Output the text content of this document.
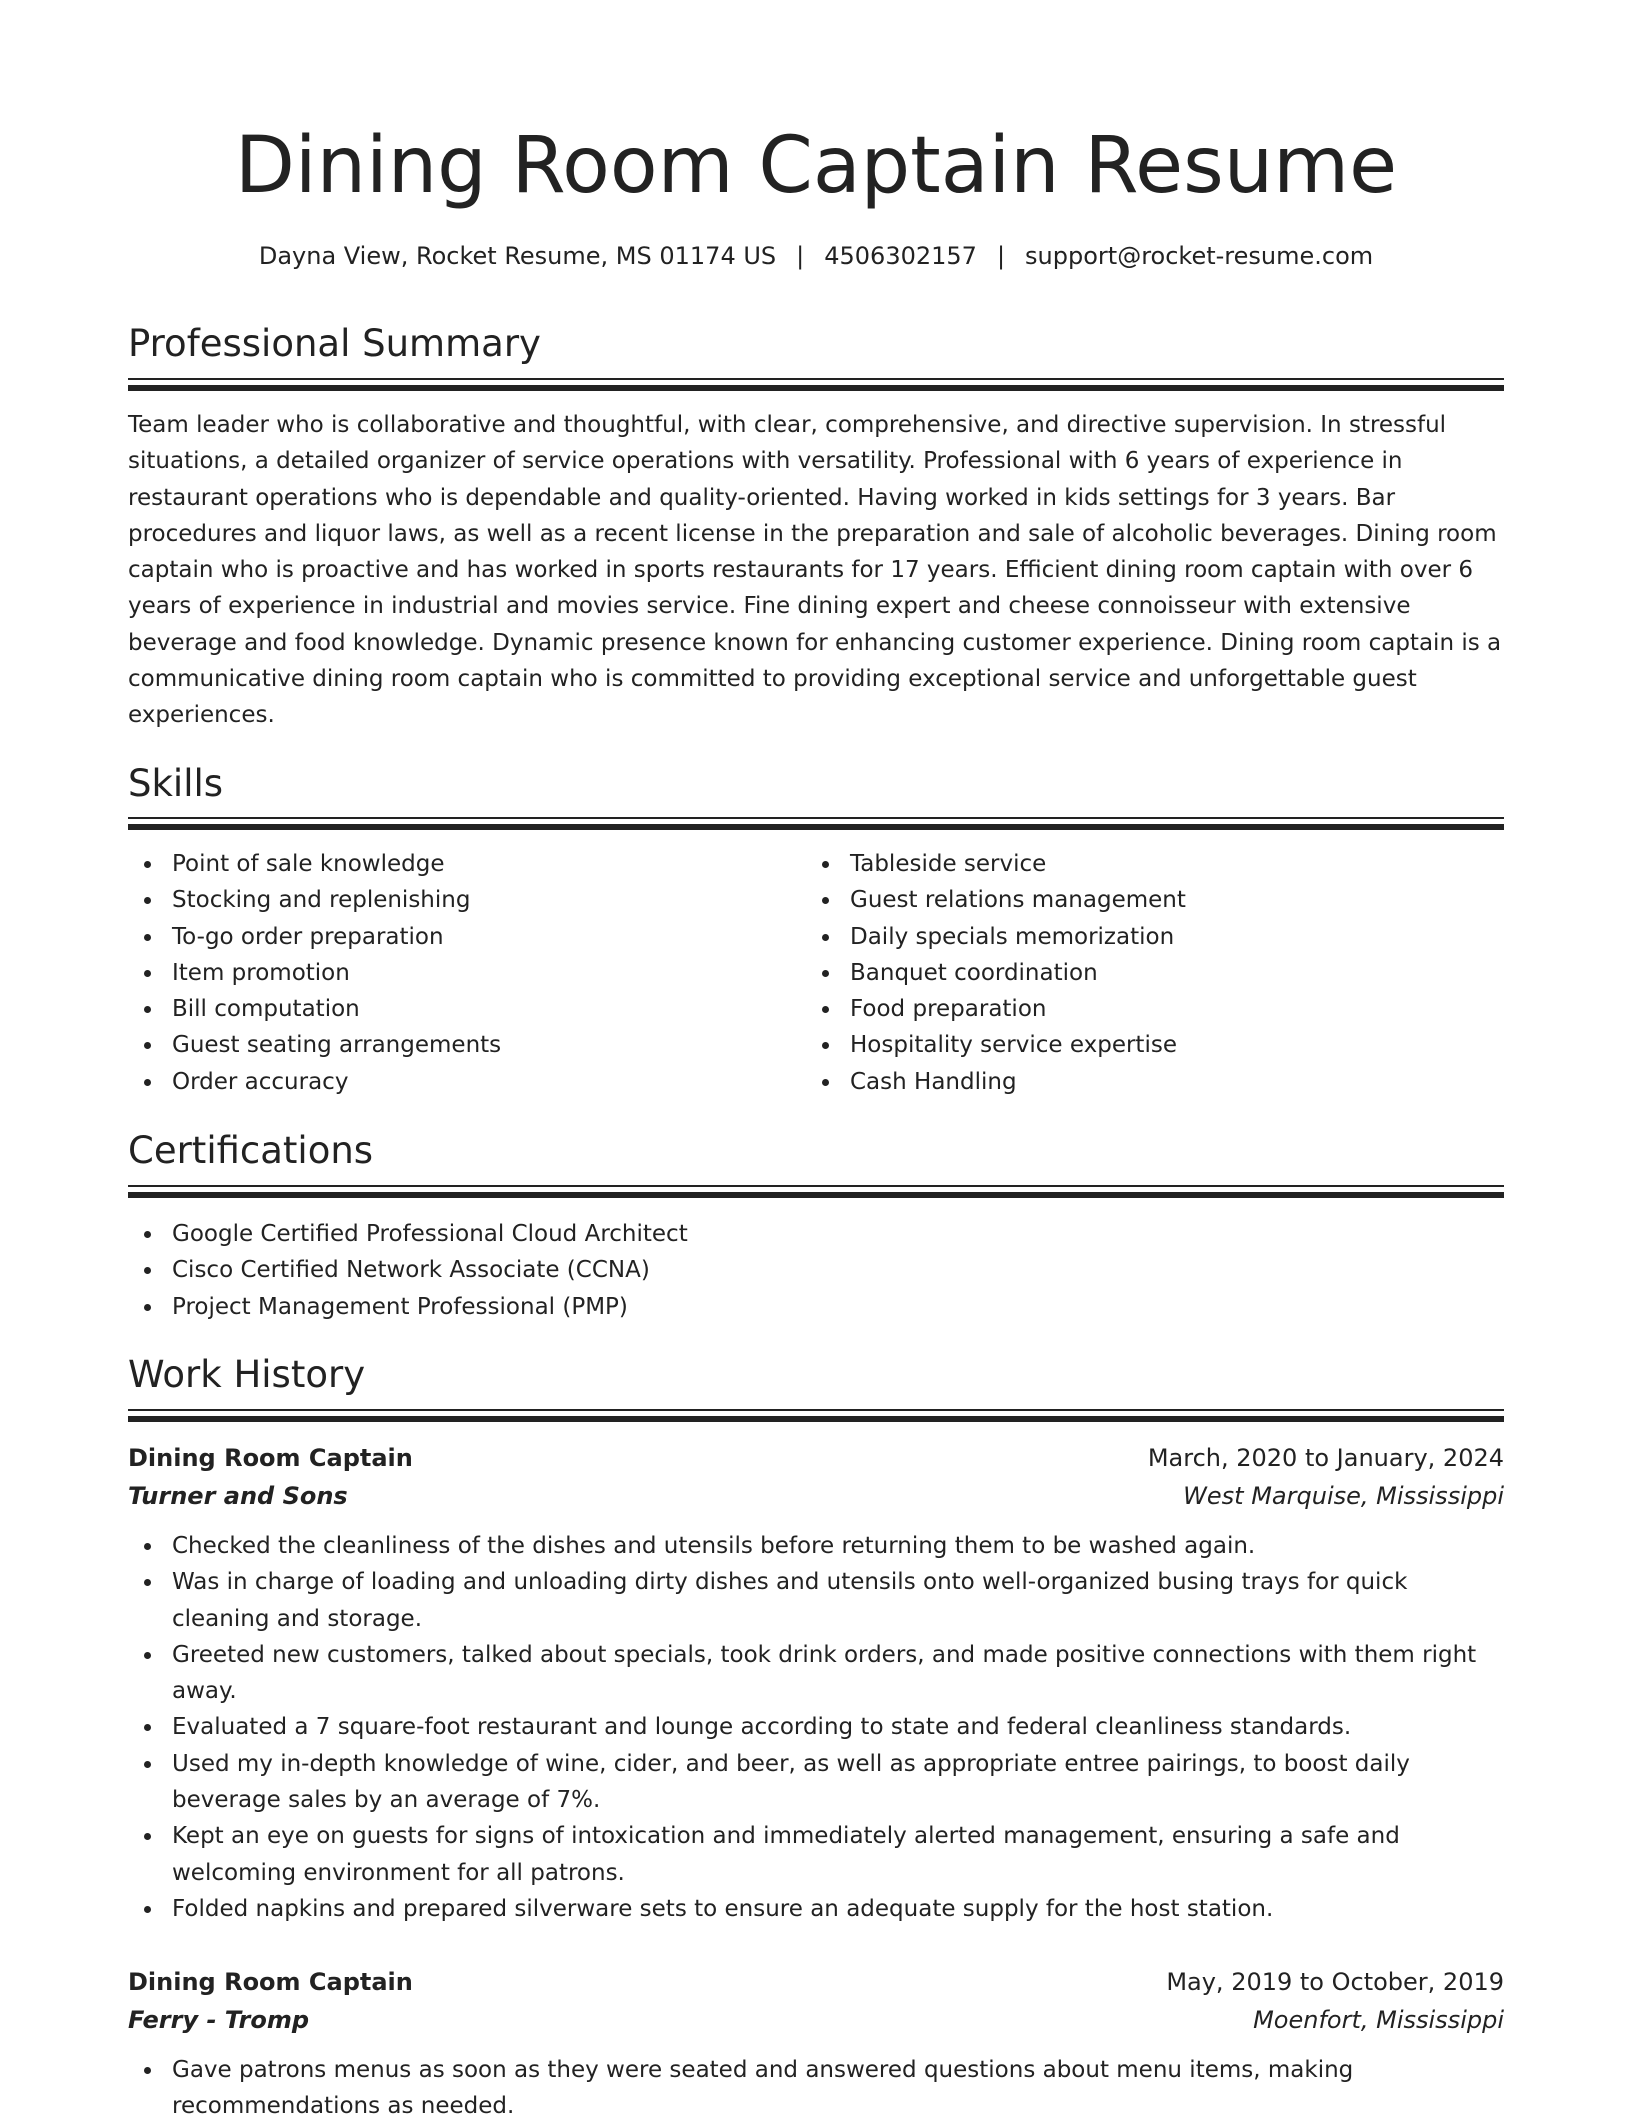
Dining Room Captain Resume
Dayna View, Rocket Resume, MS 01174 US | 4506302157 | support@rocket-resume.com
Professional Summary

Team leader who is collaborative and thoughtful, with clear, comprehensive, and directive supervision. In stressful situations, a detailed organizer of service operations with versatility. Professional with 6 years of experience in restaurant operations who is dependable and quality-oriented. Having worked in kids settings for 3 years. Bar procedures and liquor laws, as well as a recent license in the preparation and sale of alcoholic beverages. Dining room captain who is proactive and has worked in sports restaurants for 17 years. Efficient dining room captain with over 6 years of experience in industrial and movies service. Fine dining expert and cheese connoisseur with extensive beverage and food knowledge. Dynamic presence known for enhancing customer experience. Dining room captain is a communicative dining room captain who is committed to providing exceptional service and unforgettable guest experiences.

Skills
Point of sale knowledge
Stocking and replenishing
To-go order preparation
Item promotion
Bill computation
Guest seating arrangements
Order accuracy
Tableside service
Guest relations management
Daily specials memorization
Banquet coordination
Food preparation
Hospitality service expertise
Cash Handling
Certifications
Google Certified Professional Cloud Architect
Cisco Certified Network Associate (CCNA)
Project Management Professional (PMP)
Work History
Dining Room Captain	March, 2020 to January, 2024
Turner and Sons	West Marquise, Mississippi
Checked the cleanliness of the dishes and utensils before returning them to be washed again.
Was in charge of loading and unloading dirty dishes and utensils onto well-organized busing trays for quick cleaning and storage.
Greeted new customers, talked about specials, took drink orders, and made positive connections with them right away.
Evaluated a 7 square-foot restaurant and lounge according to state and federal cleanliness standards.
Used my in-depth knowledge of wine, cider, and beer, as well as appropriate entree pairings, to boost daily beverage sales by an average of 7%.
Kept an eye on guests for signs of intoxication and immediately alerted management, ensuring a safe and welcoming environment for all patrons.
Folded napkins and prepared silverware sets to ensure an adequate supply for the host station.
Dining Room Captain	May, 2019 to October, 2019
Ferry - Tromp	Moenfort, Mississippi
Gave patrons menus as soon as they were seated and answered questions about menu items, making recommendations as needed.
